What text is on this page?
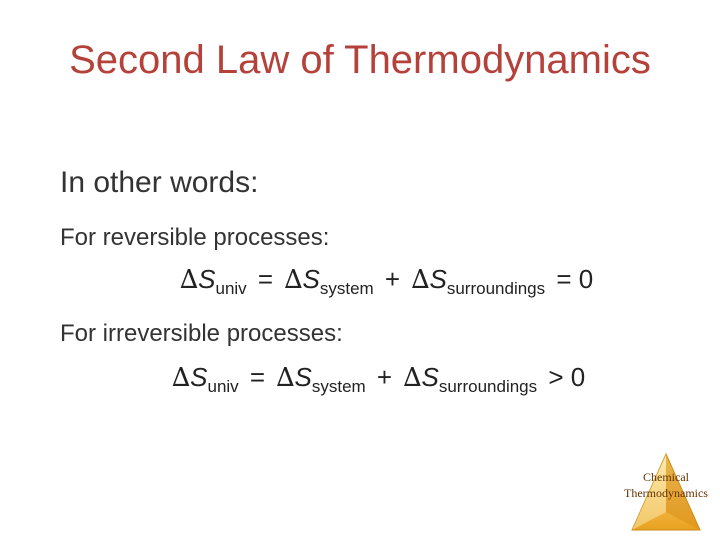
Second Law of Thermodynamics
In other words:
For reversible processes:
$\Delta S_{univ} = \Delta S_{system} + \Delta S_{surroundings} = 0$
For irreversible processes:
$\Delta S_{univ} = \Delta S_{system} + \Delta S_{surroundings} > 0$
Chemical
Thermodynamics
